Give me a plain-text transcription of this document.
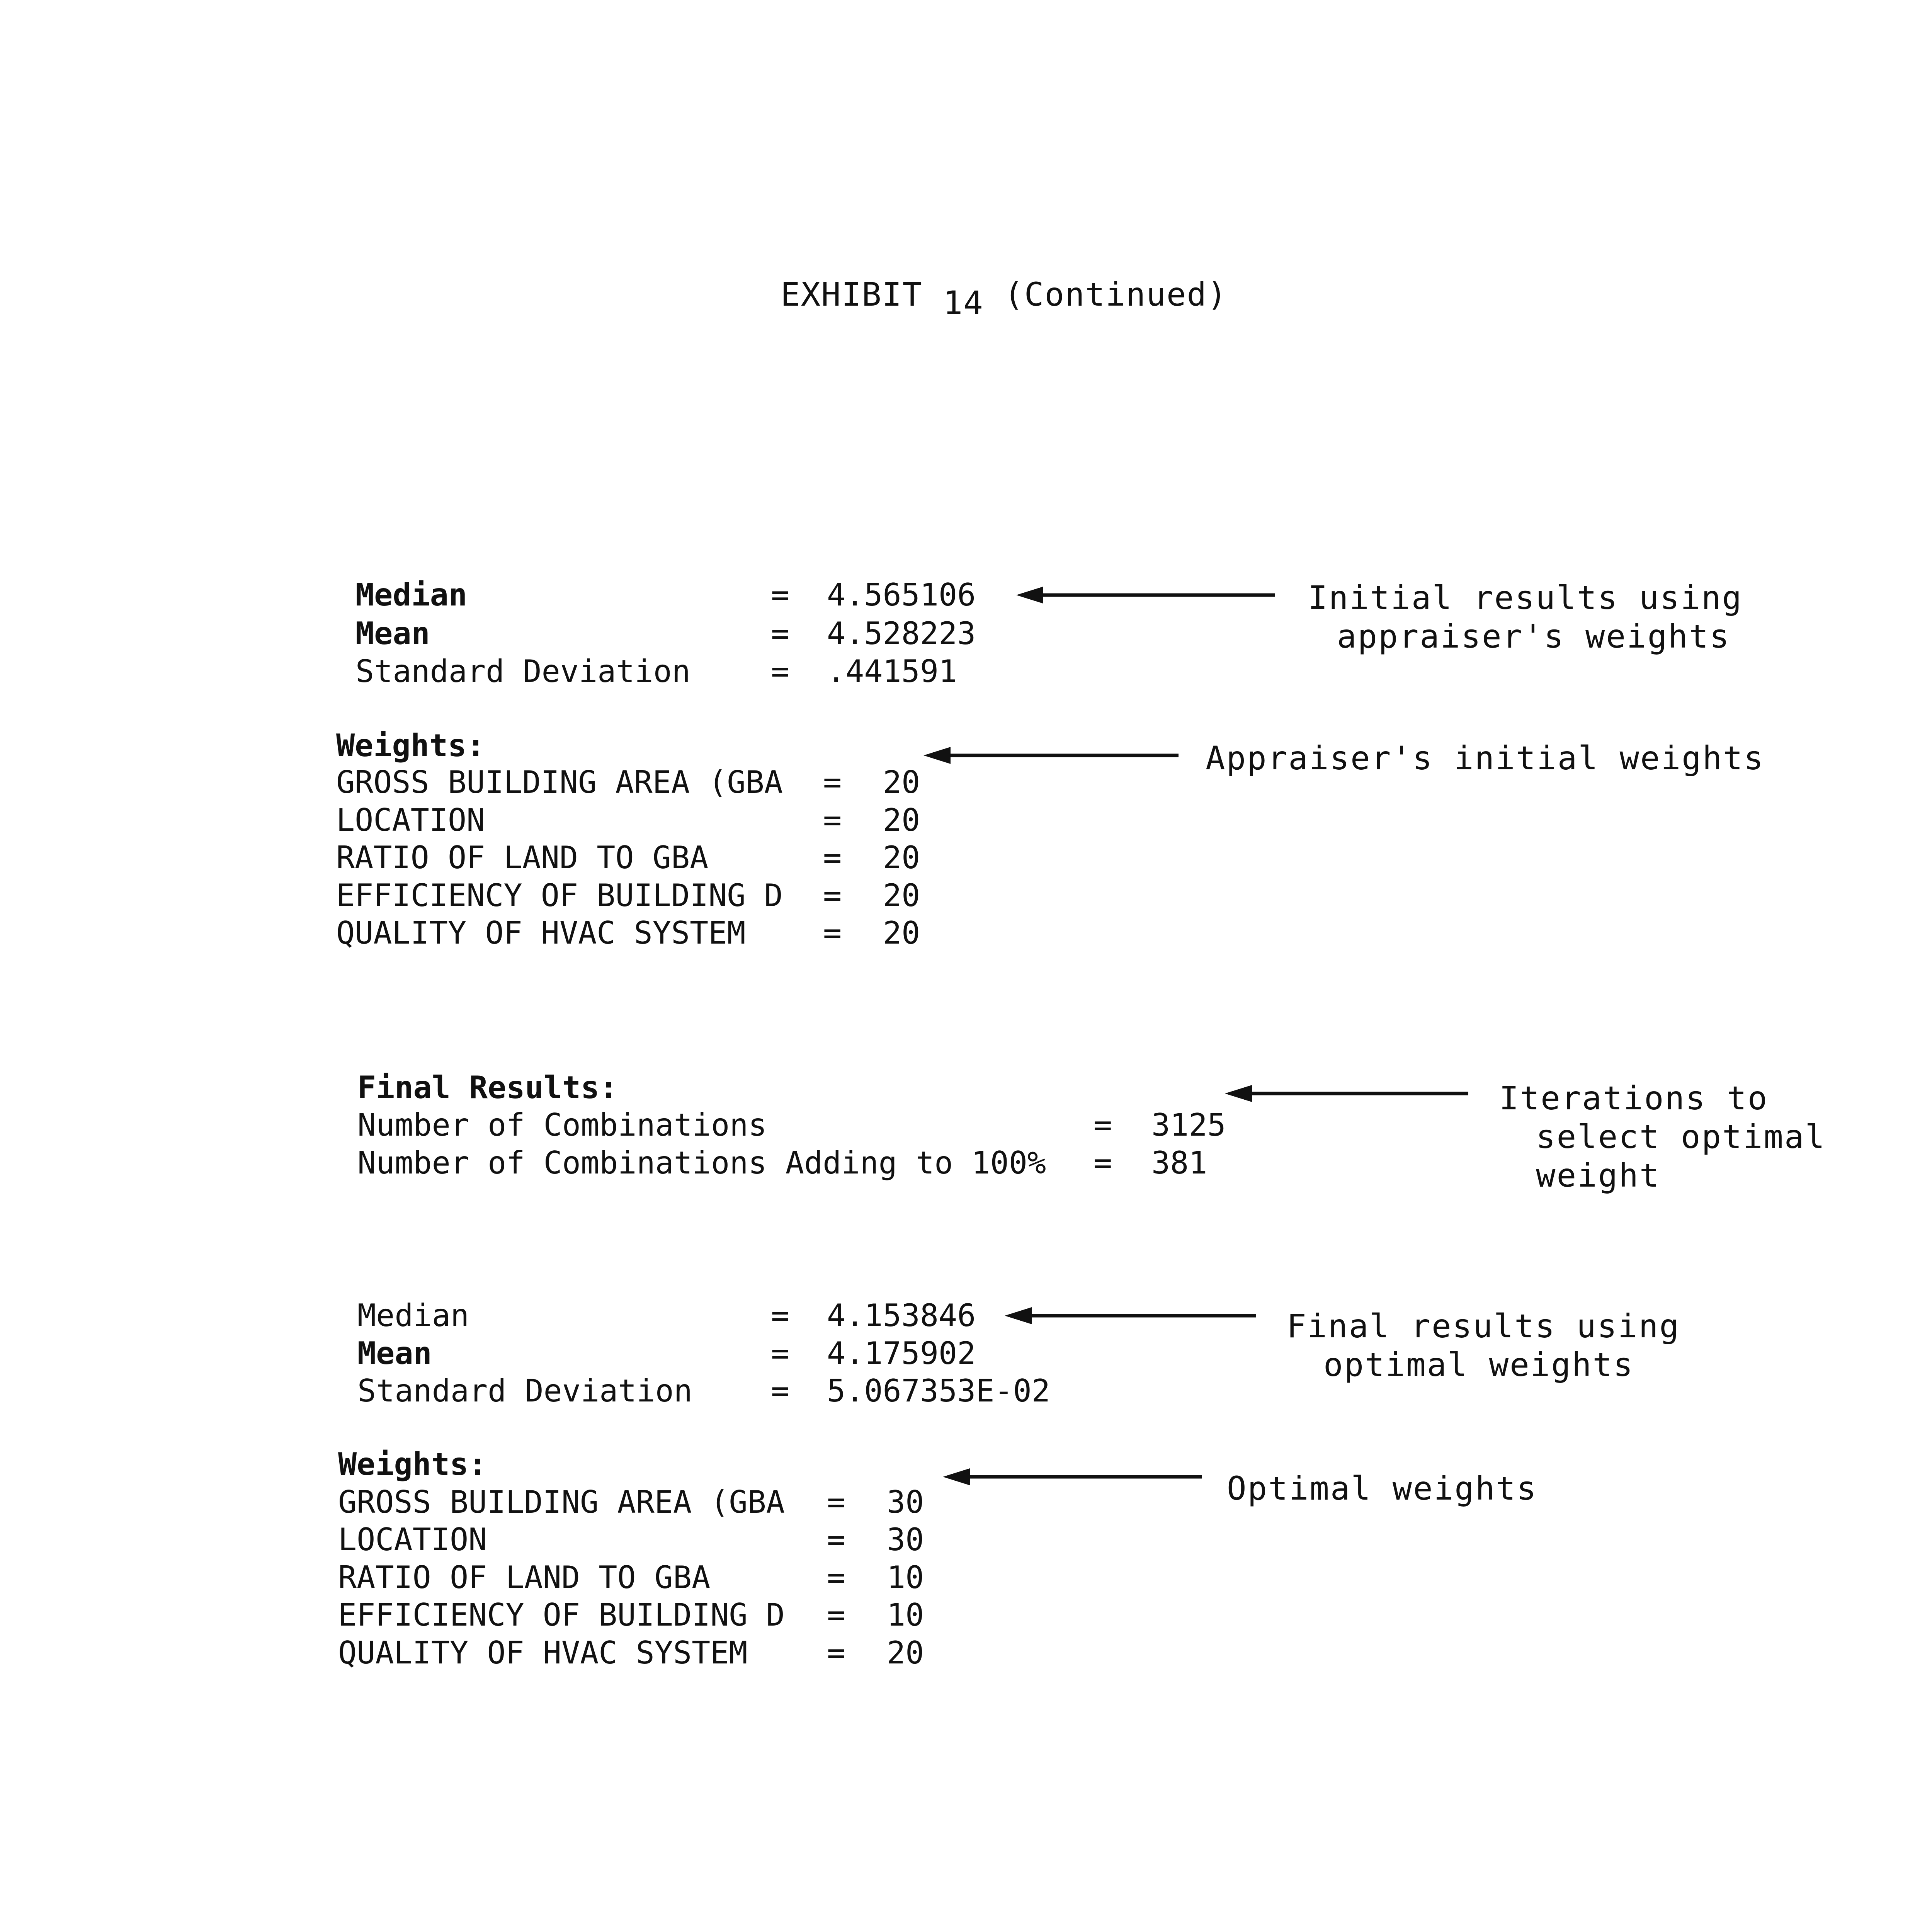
EXHIBIT 14 (Continued)
Median	= 4.565106
Mean	= 4.528223
Standard Deviation	= .441591
Initial results using
appraiser's weights
Weights:
GROSS BUILDING AREA (GBA = 20
LOCATION	= 20
RATIO OF LAND TO GBA	= 20
EFFICIENCY OF BUILDING D = 20
QUALITY OF HVAC SYSTEM	= 20
Appraiser's initial weights
Final Results:
Number of Combinations	= 3125
Number of Combinations Adding to 100% = 381
Iterations to
select optimal
weight
Median	= 4.153846
Mean	= 4.175902
Standard Deviation	= 5.067353E-02
Final results using
optimal weights
Weights:
GROSS BUILDING AREA (GBA = 30
LOCATION	= 30
RATIO OF LAND TO GBA	= 10
EFFICIENCY OF BUILDING D = 10
QUALITY OF HVAC SYSTEM	= 20
Optimal weights
